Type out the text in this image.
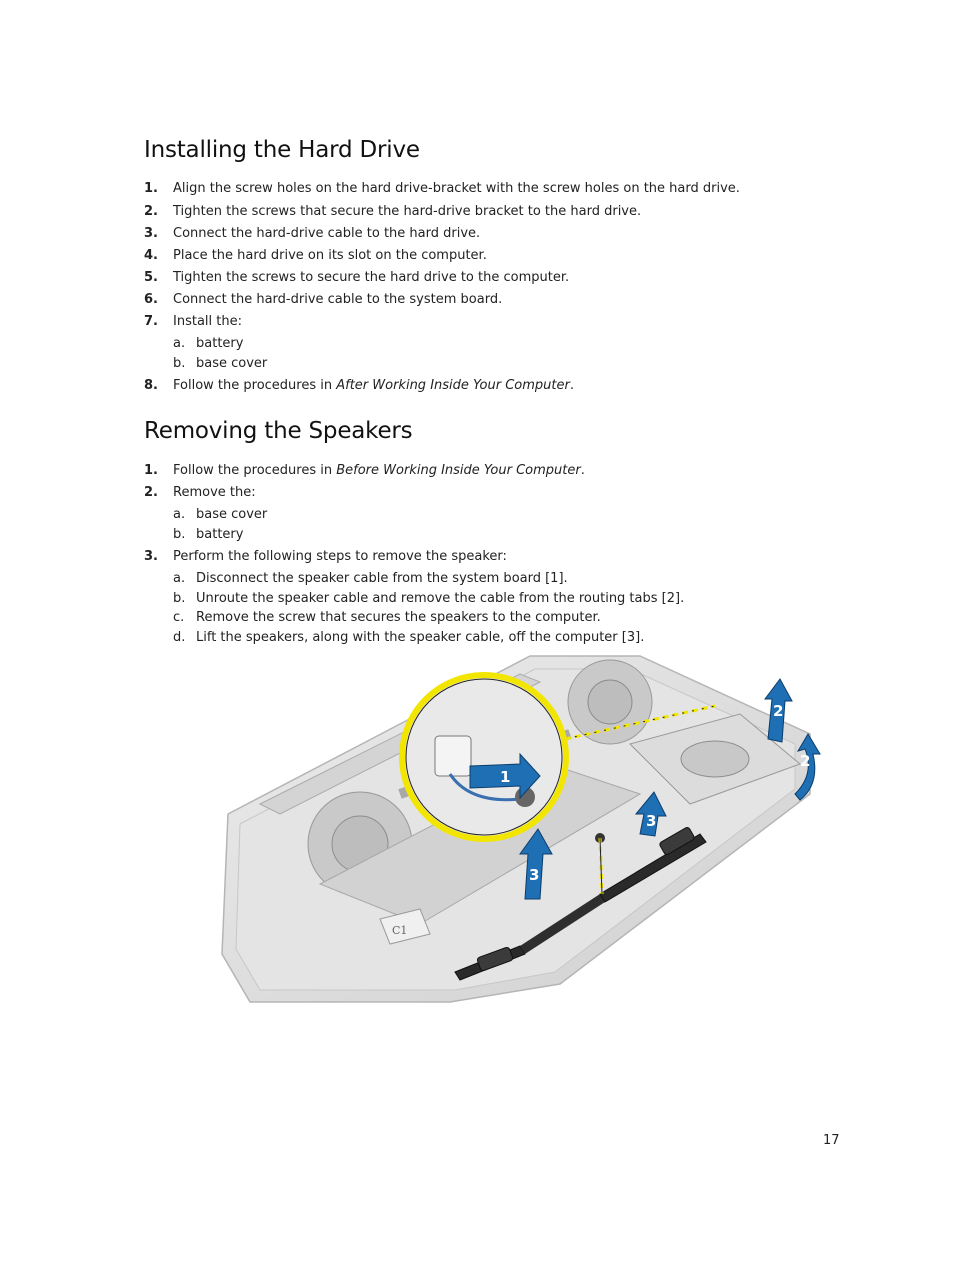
Installing the Hard Drive
1. Align the screw holes on the hard drive-bracket with the screw holes on the hard drive.
2. Tighten the screws that secure the hard-drive bracket to the hard drive.
3. Connect the hard-drive cable to the hard drive.
4. Place the hard drive on its slot on the computer.
5. Tighten the screws to secure the hard drive to the computer.
6. Connect the hard-drive cable to the system board.
7. Install the:
a. battery
b. base cover
8. Follow the procedures in After Working Inside Your Computer.
Removing the Speakers
1. Follow the procedures in Before Working Inside Your Computer.
2. Remove the:
a. base cover
b. battery
3. Perform the following steps to remove the speaker:
a. Disconnect the speaker cable from the system board [1].
b. Unroute the speaker cable and remove the cable from the routing tabs [2].
c. Remove the screw that secures the speakers to the computer.
d. Lift the speakers, along with the speaker cable, off the computer [3].
C1
1
2
2
3
3
17
